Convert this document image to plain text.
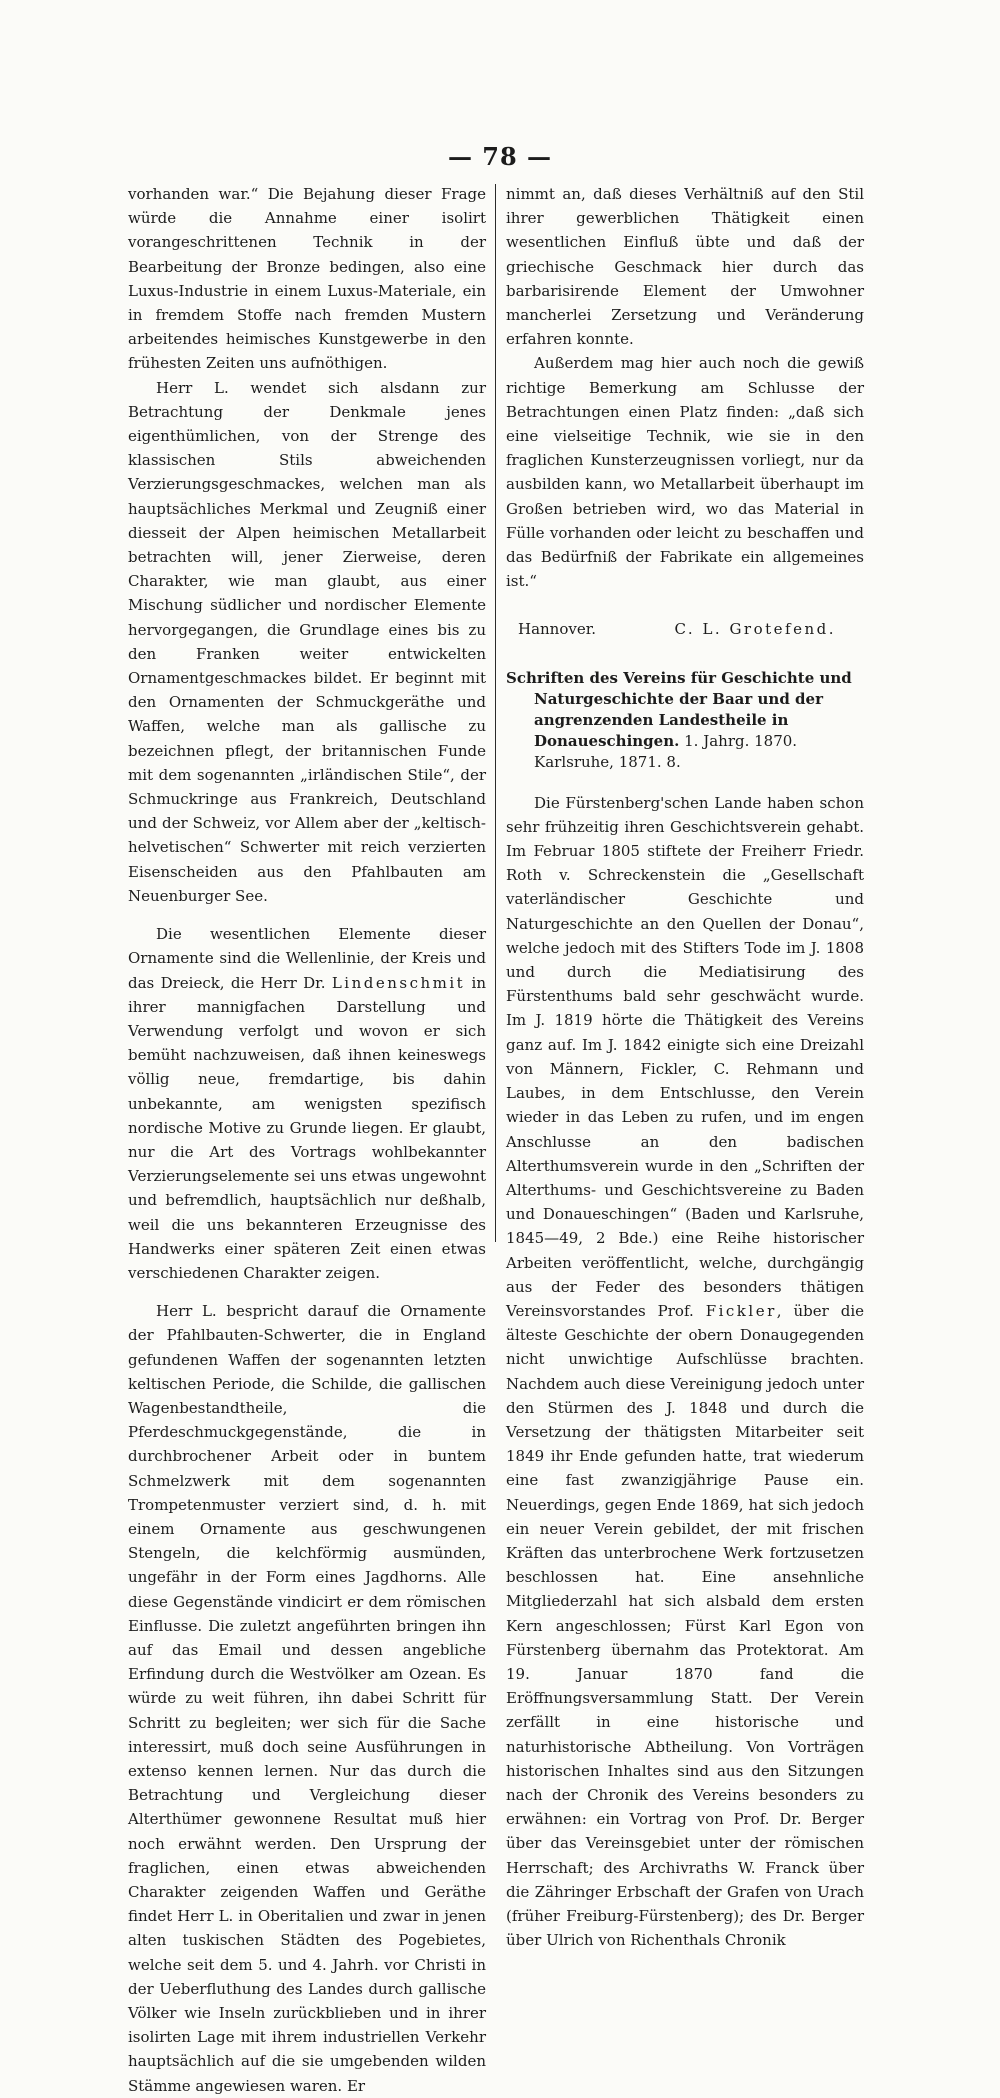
— 78 —

vorhanden war.“ Die Bejahung dieser Frage würde die Annahme einer isolirt vorangeschrittenen Technik in der Bearbeitung der Bronze bedingen, also eine Luxus-Industrie in einem Luxus-Materiale, ein in fremdem Stoffe nach fremden Mustern arbeitendes heimisches Kunstgewerbe in den frühesten Zeiten uns aufnöthigen.

Herr L. wendet sich alsdann zur Betrachtung der Denkmale jenes eigenthümlichen, von der Strenge des klassischen Stils abweichenden Verzierungsgeschmackes, welchen man als hauptsächliches Merkmal und Zeugniß einer diesseit der Alpen heimischen Metallarbeit betrachten will, jener Zierweise, deren Charakter, wie man glaubt, aus einer Mischung südlicher und nordischer Elemente hervorgegangen, die Grundlage eines bis zu den Franken weiter entwickelten Ornamentgeschmackes bildet. Er beginnt mit den Ornamenten der Schmuckgeräthe und Waffen, welche man als gallische zu bezeichnen pflegt, der britannischen Funde mit dem sogenannten „irländischen Stile“, der Schmuckringe aus Frankreich, Deutschland und der Schweiz, vor Allem aber der „keltisch-helvetischen“ Schwerter mit reich verzierten Eisenscheiden aus den Pfahlbauten am Neuenburger See.

Die wesentlichen Elemente dieser Ornamente sind die Wellenlinie, der Kreis und das Dreieck, die Herr Dr. Lindenschmit in ihrer mannigfachen Darstellung und Verwendung verfolgt und wovon er sich bemüht nachzuweisen, daß ihnen keineswegs völlig neue, fremdartige, bis dahin unbekannte, am wenigsten spezifisch nordische Motive zu Grunde liegen. Er glaubt, nur die Art des Vortrags wohlbekannter Verzierungselemente sei uns etwas ungewohnt und befremdlich, hauptsächlich nur deßhalb, weil die uns bekannteren Erzeugnisse des Handwerks einer späteren Zeit einen etwas verschiedenen Charakter zeigen.

Herr L. bespricht darauf die Ornamente der Pfahlbauten-Schwerter, die in England gefundenen Waffen der sogenannten letzten keltischen Periode, die Schilde, die gallischen Wagenbestandtheile, die Pferdeschmuckgegenstände, die in durchbrochener Arbeit oder in buntem Schmelzwerk mit dem sogenannten Trompetenmuster verziert sind, d. h. mit einem Ornamente aus geschwungenen Stengeln, die kelchförmig ausmünden, ungefähr in der Form eines Jagdhorns. Alle diese Gegenstände vindicirt er dem römischen Einflusse. Die zuletzt angeführten bringen ihn auf das Email und dessen angebliche Erfindung durch die Westvölker am Ozean. Es würde zu weit führen, ihn dabei Schritt für Schritt zu begleiten; wer sich für die Sache interessirt, muß doch seine Ausführungen in extenso kennen lernen. Nur das durch die Betrachtung und Vergleichung dieser Alterthümer gewonnene Resultat muß hier noch erwähnt werden. Den Ursprung der fraglichen, einen etwas abweichenden Charakter zeigenden Waffen und Geräthe findet Herr L. in Oberitalien und zwar in jenen alten tuskischen Städten des Pogebietes, welche seit dem 5. und 4. Jahrh. vor Christi in der Ueberfluthung des Landes durch gallische Völker wie Inseln zurückblieben und in ihrer isolirten Lage mit ihrem industriellen Verkehr hauptsächlich auf die sie umgebenden wilden Stämme angewiesen waren. Er

nimmt an, daß dieses Verhältniß auf den Stil ihrer gewerblichen Thätigkeit einen wesentlichen Einfluß übte und daß der griechische Geschmack hier durch das barbarisirende Element der Umwohner mancherlei Zersetzung und Veränderung erfahren konnte.

Außerdem mag hier auch noch die gewiß richtige Bemerkung am Schlusse der Betrachtungen einen Platz finden: „daß sich eine vielseitige Technik, wie sie in den fraglichen Kunsterzeugnissen vorliegt, nur da ausbilden kann, wo Metallarbeit überhaupt im Großen betrieben wird, wo das Material in Fülle vorhanden oder leicht zu beschaffen und das Bedürfniß der Fabrikate ein allgemeines ist.“

Hannover.	C. L. Grotefend.

Schriften des Vereins für Geschichte und Naturgeschichte der Baar und der angrenzenden Landestheile in Donaueschingen. 1. Jahrg. 1870. Karlsruhe, 1871. 8.

Die Fürstenberg'schen Lande haben schon sehr frühzeitig ihren Geschichtsverein gehabt. Im Februar 1805 stiftete der Freiherr Friedr. Roth v. Schreckenstein die „Gesellschaft vaterländischer Geschichte und Naturgeschichte an den Quellen der Donau“, welche jedoch mit des Stifters Tode im J. 1808 und durch die Mediatisirung des Fürstenthums bald sehr geschwächt wurde. Im J. 1819 hörte die Thätigkeit des Vereins ganz auf. Im J. 1842 einigte sich eine Dreizahl von Männern, Fickler, C. Rehmann und Laubes, in dem Entschlusse, den Verein wieder in das Leben zu rufen, und im engen Anschlusse an den badischen Alterthumsverein wurde in den „Schriften der Alterthums- und Geschichtsvereine zu Baden und Donaueschingen“ (Baden und Karlsruhe, 1845—49, 2 Bde.) eine Reihe historischer Arbeiten veröffentlicht, welche, durchgängig aus der Feder des besonders thätigen Vereinsvorstandes Prof. Fickler, über die älteste Geschichte der obern Donaugegenden nicht unwichtige Aufschlüsse brachten. Nachdem auch diese Vereinigung jedoch unter den Stürmen des J. 1848 und durch die Versetzung der thätigsten Mitarbeiter seit 1849 ihr Ende gefunden hatte, trat wiederum eine fast zwanzigjährige Pause ein. Neuerdings, gegen Ende 1869, hat sich jedoch ein neuer Verein gebildet, der mit frischen Kräften das unterbrochene Werk fortzusetzen beschlossen hat. Eine ansehnliche Mitgliederzahl hat sich alsbald dem ersten Kern angeschlossen; Fürst Karl Egon von Fürstenberg übernahm das Protektorat. Am 19. Januar 1870 fand die Eröffnungsversammlung Statt. Der Verein zerfällt in eine historische und naturhistorische Abtheilung. Von Vorträgen historischen Inhaltes sind aus den Sitzungen nach der Chronik des Vereins besonders zu erwähnen: ein Vortrag von Prof. Dr. Berger über das Vereinsgebiet unter der römischen Herrschaft; des Archivraths W. Franck über die Zähringer Erbschaft der Grafen von Urach (früher Freiburg-Fürstenberg); des Dr. Berger über Ulrich von Richenthals Chronik
